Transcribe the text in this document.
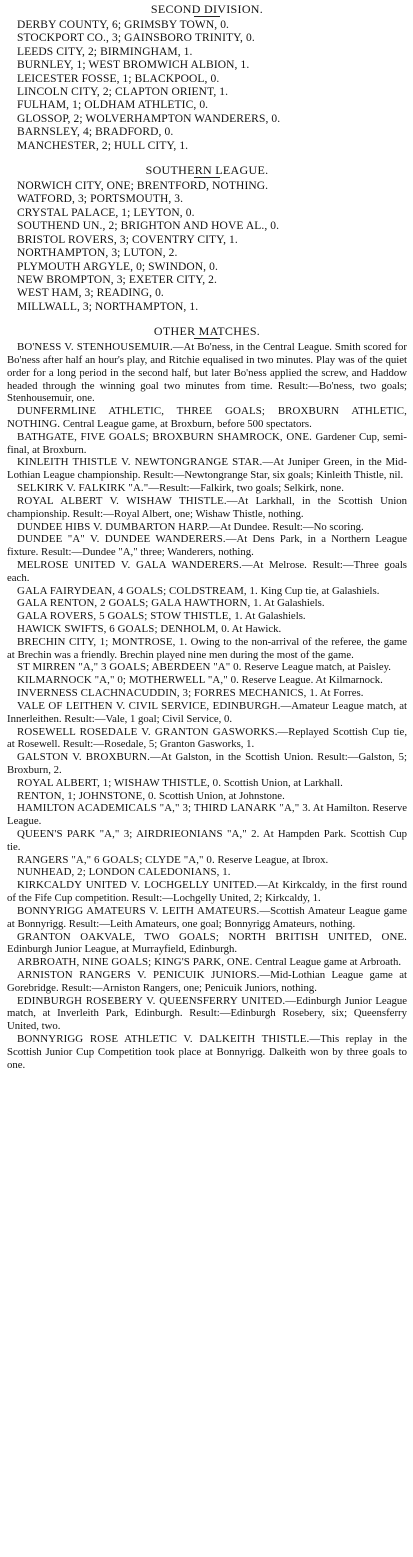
SECOND DIVISION.
DERBY COUNTY, 6; GRIMSBY TOWN, 0.
STOCKPORT CO., 3; GAINSBORO TRINITY, 0.
LEEDS CITY, 2; BIRMINGHAM, 1.
BURNLEY, 1; WEST BROMWICH ALBION, 1.
LEICESTER FOSSE, 1; BLACKPOOL, 0.
LINCOLN CITY, 2; CLAPTON ORIENT, 1.
FULHAM, 1; OLDHAM ATHLETIC, 0.
GLOSSOP, 2; WOLVERHAMPTON WANDERERS, 0.
BARNSLEY, 4; BRADFORD, 0.
MANCHESTER, 2; HULL CITY, 1.
SOUTHERN LEAGUE.
NORWICH CITY, ONE; BRENTFORD, NOTHING.
WATFORD, 3; PORTSMOUTH, 3.
CRYSTAL PALACE, 1; LEYTON, 0.
SOUTHEND UN., 2; BRIGHTON AND HOVE AL., 0.
BRISTOL ROVERS, 3; COVENTRY CITY, 1.
NORTHAMPTON, 3; LUTON, 2.
PLYMOUTH ARGYLE, 0; SWINDON, 0.
NEW BROMPTON, 3; EXETER CITY, 2.
WEST HAM, 3; READING, 0.
MILLWALL, 3; NORTHAMPTON, 1.
OTHER MATCHES.

BO'NESS V. STENHOUSEMUIR.—At Bo'ness, in the Central League. Smith scored for Bo'ness after half an hour's play, and Ritchie equalised in two minutes. Play was of the quiet order for a long period in the second half, but later Bo'ness applied the screw, and Haddow headed through the winning goal two minutes from time. Result:—Bo'ness, two goals; Stenhousemuir, one.

DUNFERMLINE ATHLETIC, THREE GOALS; BROXBURN ATHLETIC, NOTHING. Central League game, at Broxburn, before 500 spectators.

BATHGATE, FIVE GOALS; BROXBURN SHAMROCK, ONE. Gardener Cup, semi-final, at Broxburn.

KINLEITH THISTLE V. NEWTONGRANGE STAR.—At Juniper Green, in the Mid-Lothian League championship. Result:—Newtongrange Star, six goals; Kinleith Thistle, nil.

SELKIRK V. FALKIRK "A."—Result:—Falkirk, two goals; Selkirk, none.

ROYAL ALBERT V. WISHAW THISTLE.—At Larkhall, in the Scottish Union championship. Result:—Royal Albert, one; Wishaw Thistle, nothing.

DUNDEE HIBS V. DUMBARTON HARP.—At Dundee. Result:—No scoring.

DUNDEE "A" V. DUNDEE WANDERERS.—At Dens Park, in a Northern League fixture. Result:—Dundee "A," three; Wanderers, nothing.

MELROSE UNITED V. GALA WANDERERS.—At Melrose. Result:—Three goals each.

GALA FAIRYDEAN, 4 GOALS; COLDSTREAM, 1. King Cup tie, at Galashiels.

GALA RENTON, 2 GOALS; GALA HAWTHORN, 1. At Galashiels.

GALA ROVERS, 5 GOALS; STOW THISTLE, 1. At Galashiels.

HAWICK SWIFTS, 6 GOALS; DENHOLM, 0. At Hawick.

BRECHIN CITY, 1; MONTROSE, 1. Owing to the non-arrival of the referee, the game at Brechin was a friendly. Brechin played nine men during the most of the game.

ST MIRREN "A," 3 GOALS; ABERDEEN "A" 0. Reserve League match, at Paisley.

KILMARNOCK "A," 0; MOTHERWELL "A," 0. Reserve League. At Kilmarnock.

INVERNESS CLACHNACUDDIN, 3; FORRES MECHANICS, 1. At Forres.

VALE OF LEITHEN V. CIVIL SERVICE, EDINBURGH.—Amateur League match, at Innerleithen. Result:—Vale, 1 goal; Civil Service, 0.

ROSEWELL ROSEDALE V. GRANTON GASWORKS.—Replayed Scottish Cup tie, at Rosewell. Result:—Rosedale, 5; Granton Gasworks, 1.

GALSTON V. BROXBURN.—At Galston, in the Scottish Union. Result:—Galston, 5; Broxburn, 2.

ROYAL ALBERT, 1; WISHAW THISTLE, 0. Scottish Union, at Larkhall.

RENTON, 1; JOHNSTONE, 0. Scottish Union, at Johnstone.

HAMILTON ACADEMICALS "A," 3; THIRD LANARK "A," 3. At Hamilton. Reserve League.

QUEEN'S PARK "A," 3; AIRDRIEONIANS "A," 2. At Hampden Park. Scottish Cup tie.

RANGERS "A," 6 GOALS; CLYDE "A," 0. Reserve League, at Ibrox.

NUNHEAD, 2; LONDON CALEDONIANS, 1.

KIRKCALDY UNITED V. LOCHGELLY UNITED.—At Kirkcaldy, in the first round of the Fife Cup competition. Result:—Lochgelly United, 2; Kirkcaldy, 1.

BONNYRIGG AMATEURS V. LEITH AMATEURS.—Scottish Amateur League game at Bonnyrigg. Result:—Leith Amateurs, one goal; Bonnyrigg Amateurs, nothing.

GRANTON OAKVALE, TWO GOALS; NORTH BRITISH UNITED, ONE. Edinburgh Junior League, at Murrayfield, Edinburgh.

ARBROATH, NINE GOALS; KING'S PARK, ONE. Central League game at Arbroath.

ARNISTON RANGERS V. PENICUIK JUNIORS.—Mid-Lothian League game at Gorebridge. Result:—Arniston Rangers, one; Penicuik Juniors, nothing.

EDINBURGH ROSEBERY V. QUEENSFERRY UNITED.—Edinburgh Junior League match, at Inverleith Park, Edinburgh. Result:—Edinburgh Rosebery, six; Queensferry United, two.

BONNYRIGG ROSE ATHLETIC V. DALKEITH THISTLE.—This replay in the Scottish Junior Cup Competition took place at Bonnyrigg. Dalkeith won by three goals to one.
